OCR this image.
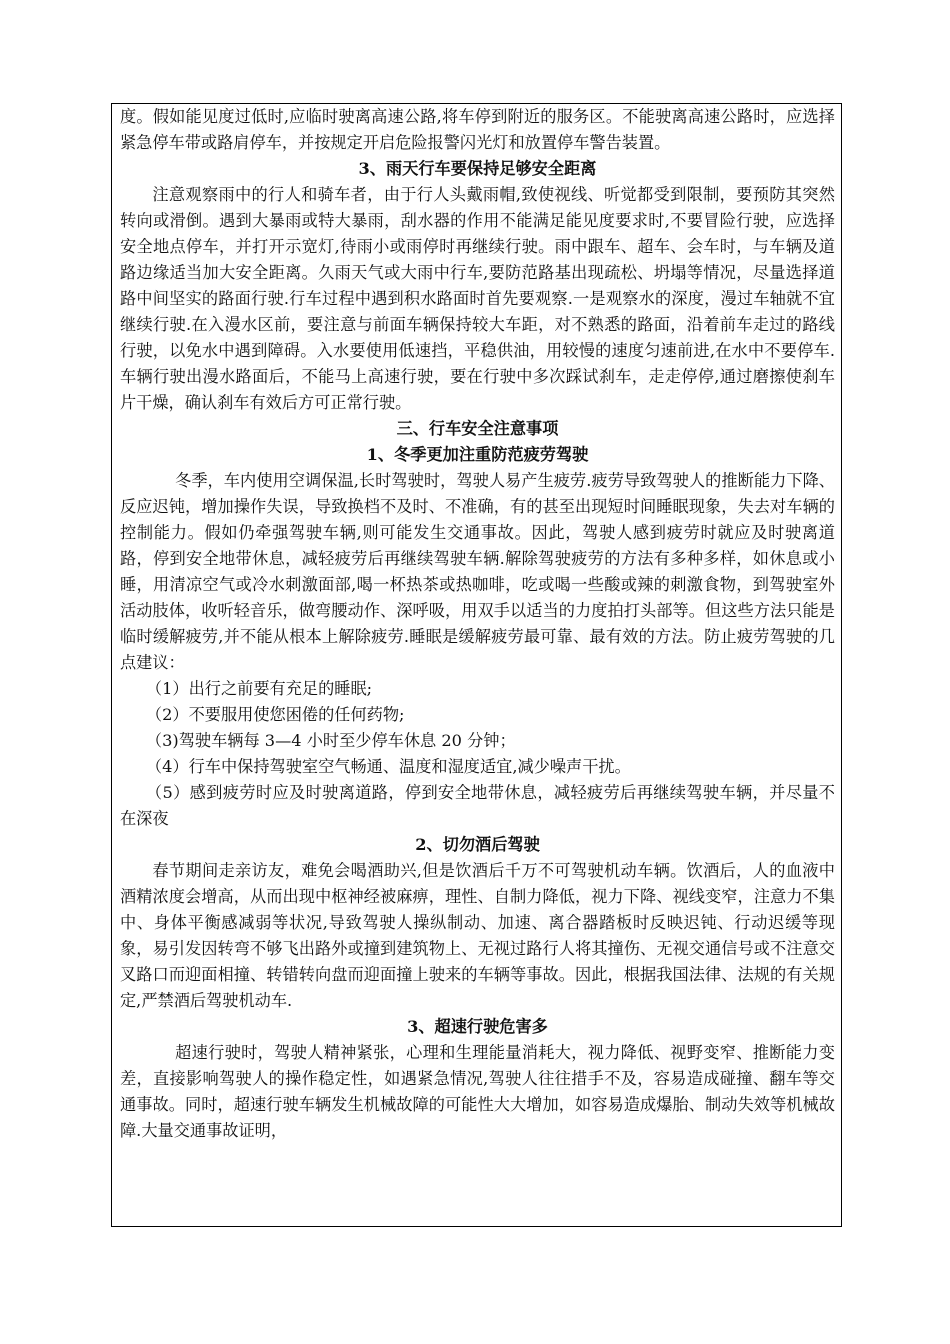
度。假如能见度过低时,应临时驶离高速公路,将车停到附近的服务区。不能驶离高速公路时，应选择紧急停车带或路肩停车，并按规定开启危险报警闪光灯和放置停车警告装置。

3、雨天行车要保持足够安全距离

注意观察雨中的行人和骑车者，由于行人头戴雨帽,致使视线、听觉都受到限制，要预防其突然转向或滑倒。遇到大暴雨或特大暴雨，刮水器的作用不能满足能见度要求时,不要冒险行驶，应选择安全地点停车，并打开示宽灯,待雨小或雨停时再继续行驶。雨中跟车、超车、会车时，与车辆及道路边缘适当加大安全距离。久雨天气或大雨中行车,要防范路基出现疏松、坍塌等情况，尽量选择道路中间坚实的路面行驶.行车过程中遇到积水路面时首先要观察.一是观察水的深度，漫过车轴就不宜继续行驶.在入漫水区前，要注意与前面车辆保持较大车距，对不熟悉的路面，沿着前车走过的路线行驶，以免水中遇到障碍。入水要使用低速挡，平稳供油，用较慢的速度匀速前进,在水中不要停车.车辆行驶出漫水路面后，不能马上高速行驶，要在行驶中多次踩试刹车，走走停停,通过磨擦使刹车片干燥，确认刹车有效后方可正常行驶。

三、行车安全注意事项

1、冬季更加注重防范疲劳驾驶

冬季，车内使用空调保温,长时驾驶时，驾驶人易产生疲劳.疲劳导致驾驶人的推断能力下降、反应迟钝，增加操作失误，导致换档不及时、不准确，有的甚至出现短时间睡眠现象，失去对车辆的控制能力。假如仍牵强驾驶车辆,则可能发生交通事故。因此，驾驶人感到疲劳时就应及时驶离道路，停到安全地带休息，减轻疲劳后再继续驾驶车辆.解除驾驶疲劳的方法有多种多样，如休息或小睡，用清凉空气或冷水刺激面部,喝一杯热茶或热咖啡，吃或喝一些酸或辣的刺激食物，到驾驶室外活动肢体，收听轻音乐，做弯腰动作、深呼吸，用双手以适当的力度拍打头部等。但这些方法只能是临时缓解疲劳,并不能从根本上解除疲劳.睡眠是缓解疲劳最可靠、最有效的方法。防止疲劳驾驶的几点建议：

（1）出行之前要有充足的睡眠;

（2）不要服用使您困倦的任何药物;

（3)驾驶车辆每 3—4 小时至少停车休息 20 分钟；

（4）行车中保持驾驶室空气畅通、温度和湿度适宜,减少噪声干扰。

（5）感到疲劳时应及时驶离道路，停到安全地带休息，减轻疲劳后再继续驾驶车辆，并尽量不在深夜

2、切勿酒后驾驶

春节期间走亲访友，难免会喝酒助兴,但是饮酒后千万不可驾驶机动车辆。饮酒后，人的血液中酒精浓度会增高，从而出现中枢神经被麻痹，理性、自制力降低，视力下降、视线变窄，注意力不集中、身体平衡感减弱等状况,导致驾驶人操纵制动、加速、离合器踏板时反映迟钝、行动迟缓等现象，易引发因转弯不够飞出路外或撞到建筑物上、无视过路行人将其撞伤、无视交通信号或不注意交叉路口而迎面相撞、转错转向盘而迎面撞上驶来的车辆等事故。因此，根据我国法律、法规的有关规定,严禁酒后驾驶机动车.

3、超速行驶危害多

超速行驶时，驾驶人精神紧张，心理和生理能量消耗大，视力降低、视野变窄、推断能力变差，直接影响驾驶人的操作稳定性，如遇紧急情况,驾驶人往往措手不及，容易造成碰撞、翻车等交通事故。同时，超速行驶车辆发生机械故障的可能性大大增加，如容易造成爆胎、制动失效等机械故障.大量交通事故证明，
